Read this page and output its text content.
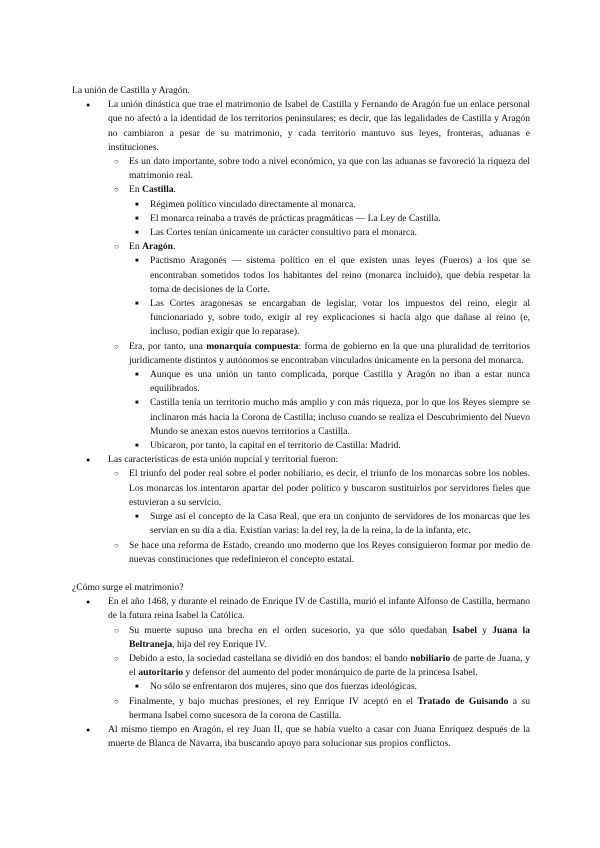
La unión de Castilla y Aragón.

● La unión dinástica que trae el matrimonio de Isabel de Castilla y Fernando de Aragón fue un enlace personal que no afectó a la identidad de los territorios peninsulares; es decir, que las legalidades de Castilla y Aragón no cambiaron a pesar de su matrimonio, y cada territorio mantuvo sus leyes, fronteras, aduanas e instituciones.
○ Es un dato importante, sobre todo a nivel económico, ya que con las aduanas se favoreció la riqueza del matrimonio real.
○ En Castilla.
■ Régimen político vinculado directamente al monarca.
■ El monarca reinaba a través de prácticas pragmáticas — La Ley de Castilla.
■ Las Cortes tenían únicamente un carácter consultivo para el monarca.
○ En Aragón.
■ Pactismo Aragonés — sistema político en el que existen unas leyes (Fueros) a los que se encontraban sometidos todos los habitantes del reino (monarca incluido), que debía respetar la toma de decisiones de la Corte.
■ Las Cortes aragonesas se encargaban de legislar, votar los impuestos del reino, elegir al funcionariado y, sobre todo, exigir al rey explicaciones si hacía algo que dañase al reino (e, incluso, podían exigir que lo reparase).
○ Era, por tanto, una monarquía compuesta: forma de gobierno en la que una pluralidad de territorios jurídicamente distintos y autónomos se encontraban vinculados únicamente en la persona del monarca.
■ Aunque es una unión un tanto complicada, porque Castilla y Aragón no iban a estar nunca equilibrados.
■ Castilla tenía un territorio mucho más amplio y con más riqueza, por lo que los Reyes siempre se inclinaron más hacia la Corona de Castilla; incluso cuando se realiza el Descubrimiento del Nuevo Mundo se anexan estos nuevos territorios a Castilla.
■ Ubicaron, por tanto, la capital en el territorio de Castilla: Madrid.
● Las características de esta unión nupcial y territorial fueron:
○ El triunfo del poder real sobre el poder nobiliario, es decir, el triunfo de los monarcas sobre los nobles. Los monarcas los intentaron apartar del poder político y buscaron sustituirlos por servidores fieles que estuvieran a su servicio.
■ Surge así el concepto de la Casa Real, que era un conjunto de servidores de los monarcas que les servían en su día a día. Existían varias: la del rey, la de la reina, la de la infanta, etc.
○ Se hace una reforma de Estado, creando uno moderno que los Reyes consiguieron formar por medio de nuevas constituciones que redefinieron el concepto estatal.

¿Cómo surge el matrimonio?

● En el año 1468, y durante el reinado de Enrique IV de Castilla, murió el infante Alfonso de Castilla, hermano de la futura reina Isabel la Católica.
○ Su muerte supuso una brecha en el orden sucesorio, ya que sólo quedaban Isabel y Juana la Beltraneja, hija del rey Enrique IV.
○ Debido a esto, la sociedad castellana se dividió en dos bandos: el bando nobiliario de parte de Juana, y el autoritario y defensor del aumento del poder monárquico de parte de la princesa Isabel.
■ No sólo se enfrentaron dos mujeres, sino que dos fuerzas ideológicas.
○ Finalmente, y bajo muchas presiones, el rey Enrique IV aceptó en el Tratado de Guisando a su hermana Isabel como sucesora de la corona de Castilla.
● Al mismo tiempo en Aragón, el rey Juan II, que se había vuelto a casar con Juana Enríquez después de la muerte de Blanca de Navarra, iba buscando apoyo para solucionar sus propios conflictos.
